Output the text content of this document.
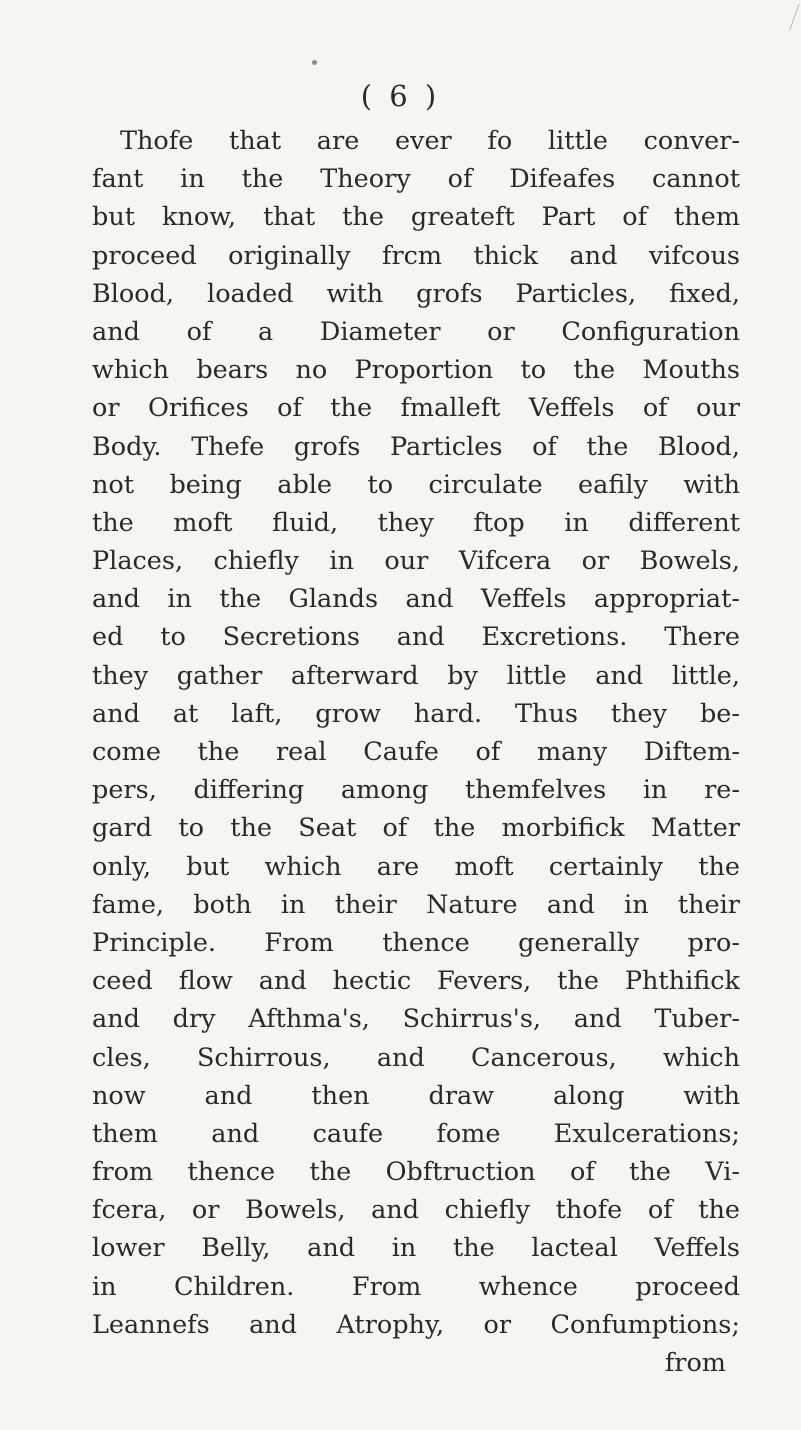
( 6 )
Thofe that are ever fo little conver-
fant in the Theory of Difeafes cannot
but know, that the greateft Part of them
proceed originally frcm thick and vifcous
Blood, loaded with grofs Particles, fixed,
and of a Diameter or Configuration
which bears no Proportion to the Mouths
or Orifices of the fmalleft Veffels of our
Body. Thefe grofs Particles of the Blood,
not being able to circulate eafily with
the moft fluid, they ftop in different
Places, chiefly in our Vifcera or Bowels,
and in the Glands and Veffels appropriat-
ed to Secretions and Excretions. There
they gather afterward by little and little,
and at laft, grow hard. Thus they be-
come the real Caufe of many Diftem-
pers, differing among themfelves in re-
gard to the Seat of the morbifick Matter
only, but which are moft certainly the
fame, both in their Nature and in their
Principle. From thence generally pro-
ceed flow and hectic Fevers, the Phthifick
and dry Afthma's, Schirrus's, and Tuber-
cles, Schirrous, and Cancerous, which
now and then draw along with
them and caufe fome Exulcerations;
from thence the Obftruction of the Vi-
fcera, or Bowels, and chiefly thofe of the
lower Belly, and in the lacteal Veffels
in Children. From whence proceed
Leannefs and Atrophy, or Confumptions;
from
